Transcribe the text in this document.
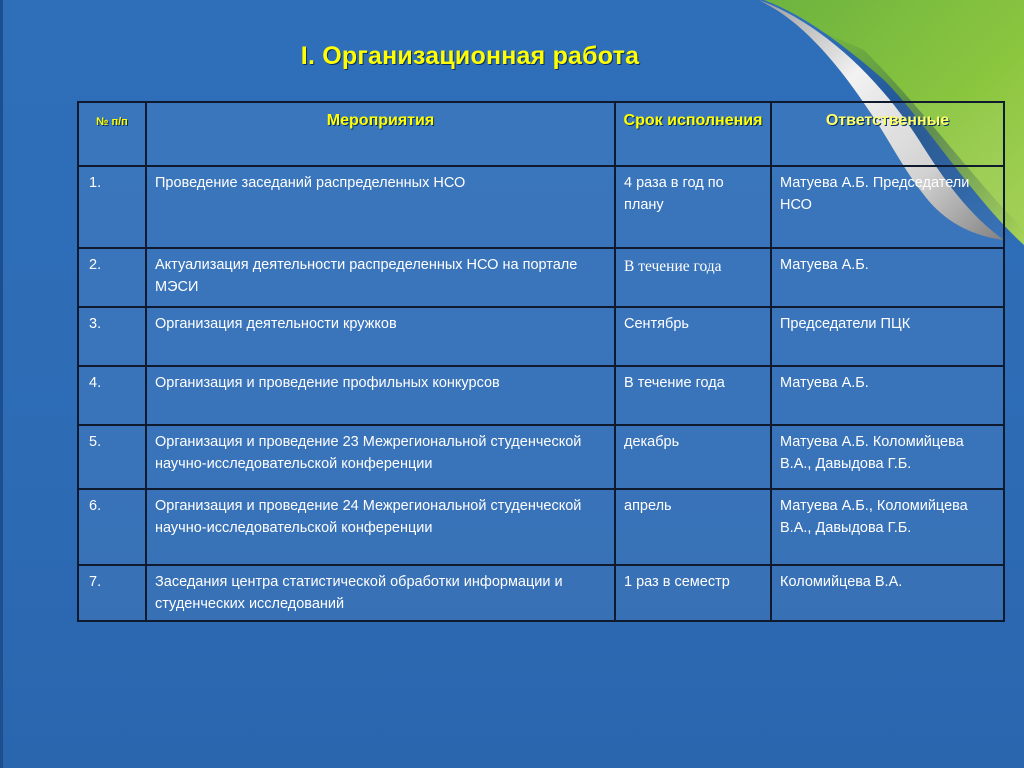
I. Организационная работа
№ п/п	Мероприятия	Срок исполнения	Ответственные
1.	Проведение заседаний распределенных НСО	4 раза в год по плану	Матуева А.Б. Председатели НСО
2.	Актуализация деятельности распределенных НСО на портале МЭСИ	В течение года	Матуева А.Б.
3.	Организация деятельности кружков	Сентябрь	Председатели ПЦК
4.	Организация и проведение профильных конкурсов	В течение года	Матуева А.Б.
5.	Организация и проведение 23 Межрегиональной студенческой научно-исследовательской конференции	декабрь	Матуева А.Б. Коломийцева В.А., Давыдова Г.Б.
6.	Организация и проведение 24 Межрегиональной студенческой научно-исследовательской конференции	апрель	Матуева А.Б., Коломийцева В.А., Давыдова Г.Б.
7.	Заседания центра статистической обработки информации и студенческих исследований	1 раз в семестр	Коломийцева В.А.
